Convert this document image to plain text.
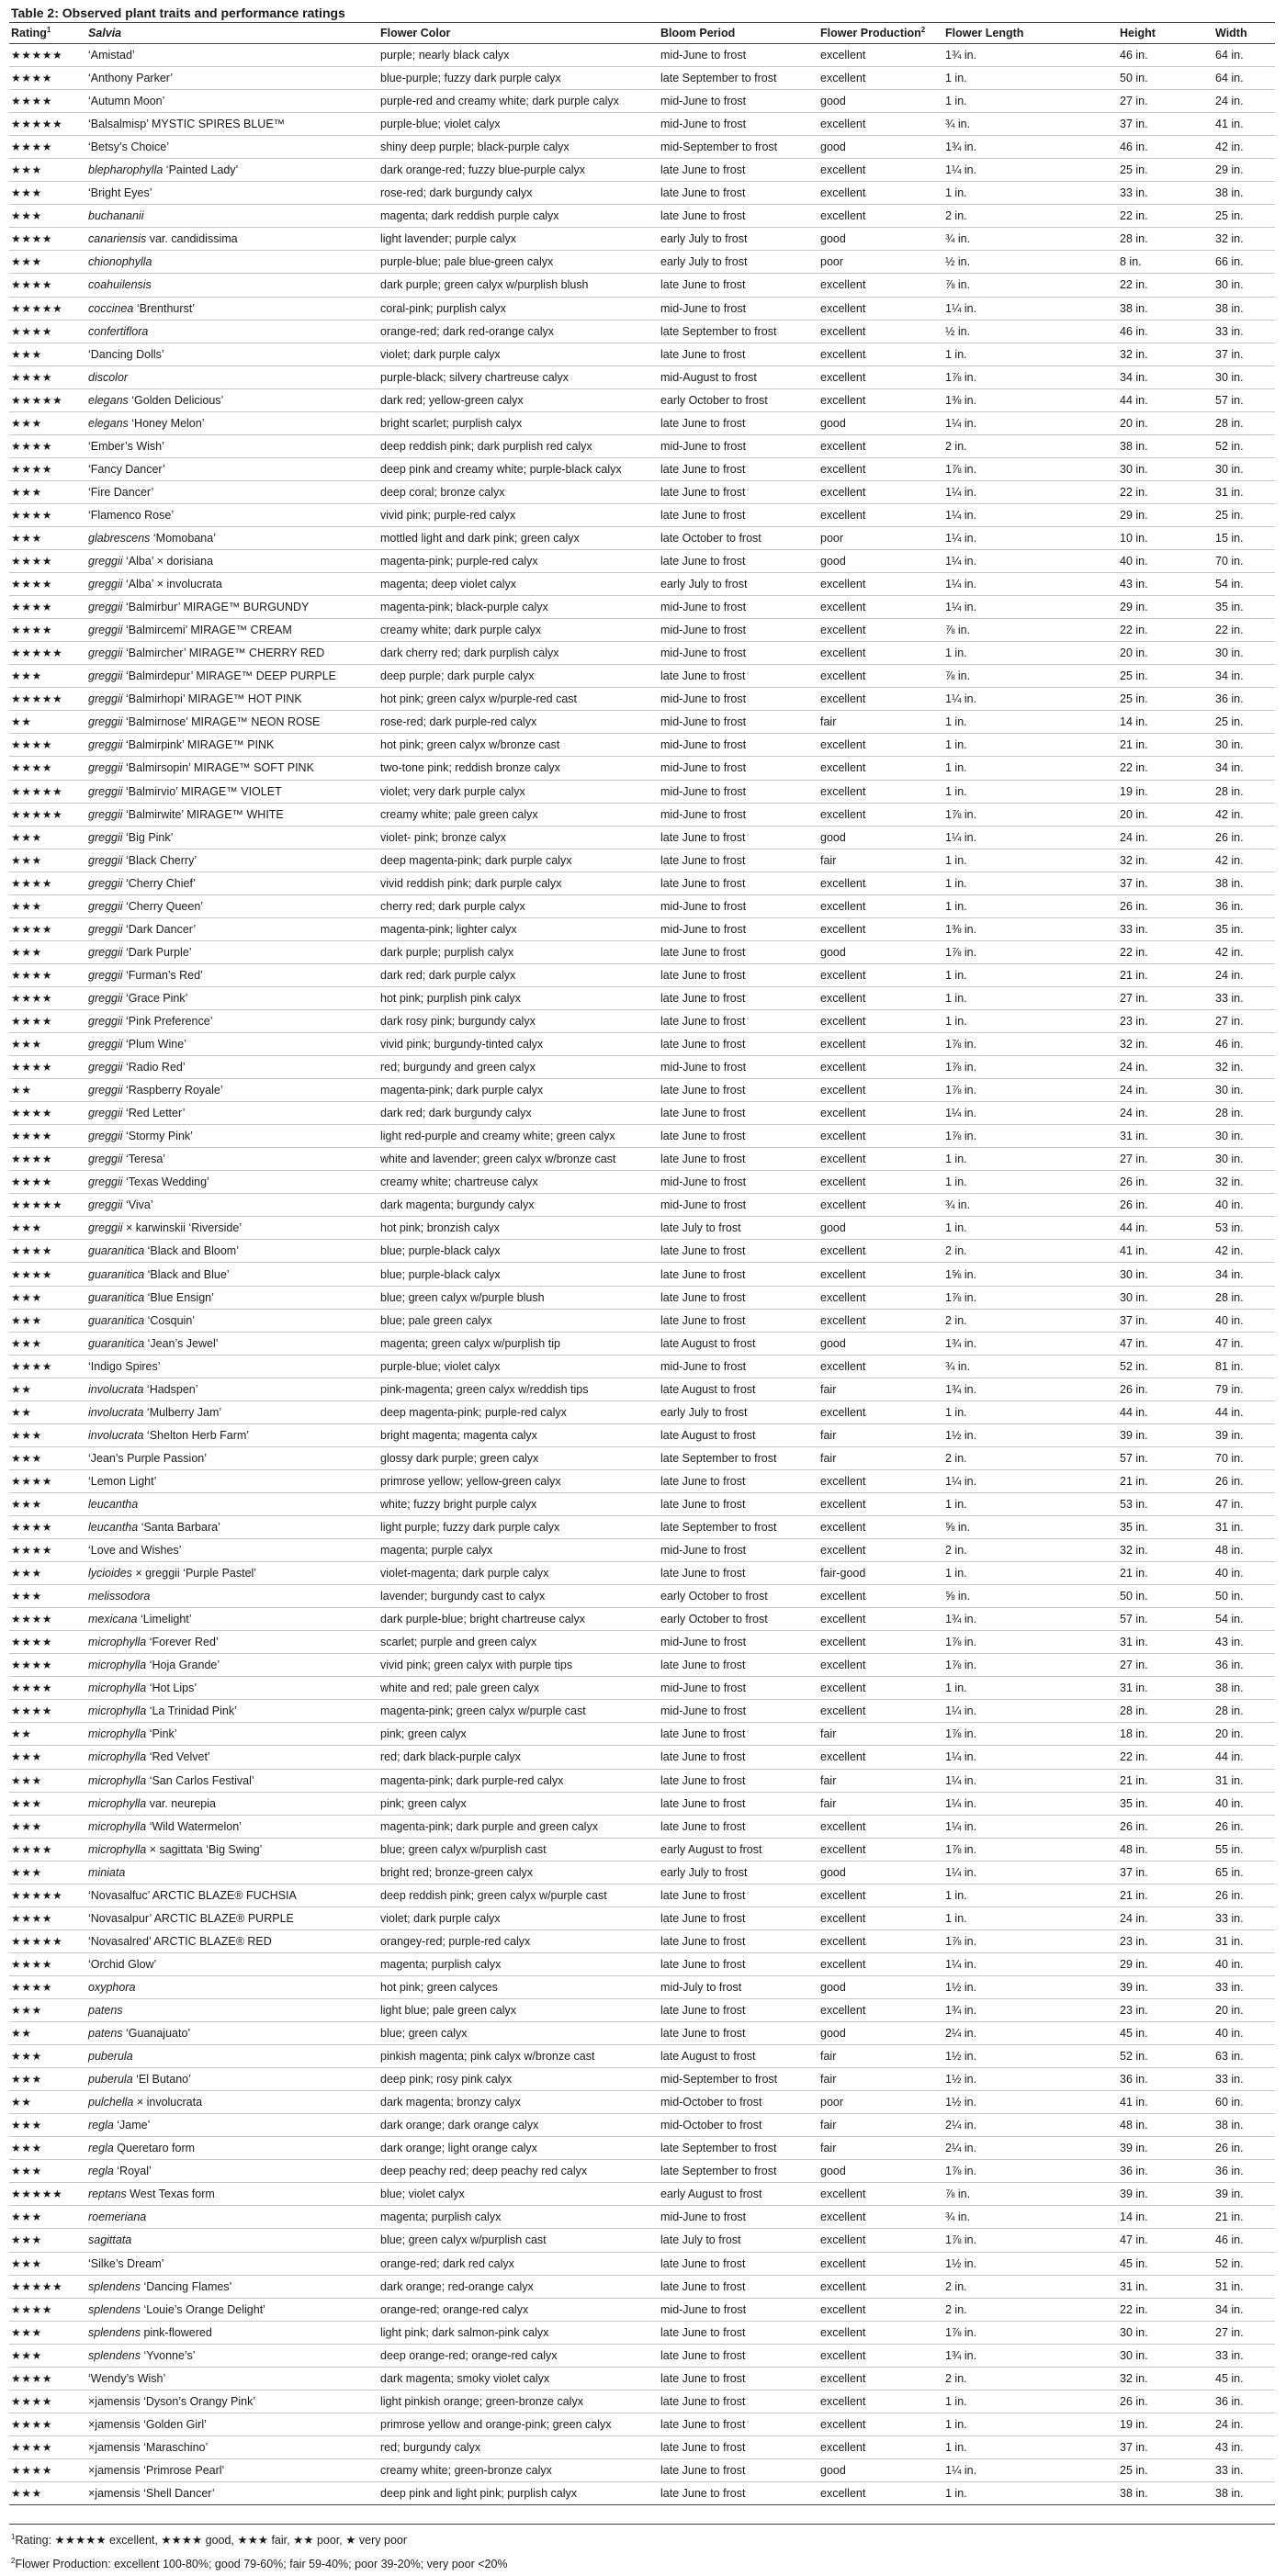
Table 2: Observed plant traits and performance ratings
Rating$^1$	Salvia	Flower Color	Bloom Period	Flower Production$^2$	Flower Length	Height	Width
★★★★★	‘Amistad’	purple; nearly black calyx	mid-June to frost	excellent	1¾ in.	46 in.	64 in.
★★★★	‘Anthony Parker’	blue-purple; fuzzy dark purple calyx	late September to frost	excellent	1 in.	50 in.	64 in.
★★★★	‘Autumn Moon’	purple-red and creamy white; dark purple calyx	mid-June to frost	good	1 in.	27 in.	24 in.
★★★★★	‘Balsalmisp’ MYSTIC SPIRES BLUE™	purple-blue; violet calyx	mid-June to frost	excellent	¾ in.	37 in.	41 in.
★★★★	‘Betsy’s Choice’	shiny deep purple; black-purple calyx	mid-September to frost	good	1¾ in.	46 in.	42 in.
★★★	blepharophylla ‘Painted Lady’	dark orange-red; fuzzy blue-purple calyx	late June to frost	excellent	1¼ in.	25 in.	29 in.
★★★	‘Bright Eyes’	rose-red; dark burgundy calyx	late June to frost	excellent	1 in.	33 in.	38 in.
★★★	buchananii	magenta; dark reddish purple calyx	late June to frost	excellent	2 in.	22 in.	25 in.
★★★★	canariensis var. candidissima	light lavender; purple calyx	early July to frost	good	¾ in.	28 in.	32 in.
★★★	chionophylla	purple-blue; pale blue-green calyx	early July to frost	poor	½ in.	8 in.	66 in.
★★★★	coahuilensis	dark purple; green calyx w/purplish blush	late June to frost	excellent	⅞ in.	22 in.	30 in.
★★★★★	coccinea ‘Brenthurst’	coral-pink; purplish calyx	mid-June to frost	excellent	1¼ in.	38 in.	38 in.
★★★★	confertiflora	orange-red; dark red-orange calyx	late September to frost	excellent	½ in.	46 in.	33 in.
★★★	‘Dancing Dolls’	violet; dark purple calyx	late June to frost	excellent	1 in.	32 in.	37 in.
★★★★	discolor	purple-black; silvery chartreuse calyx	mid-August to frost	excellent	1⅞ in.	34 in.	30 in.
★★★★★	elegans ‘Golden Delicious’	dark red; yellow-green calyx	early October to frost	excellent	1⅜ in.	44 in.	57 in.
★★★	elegans ‘Honey Melon’	bright scarlet; purplish calyx	late June to frost	good	1¼ in.	20 in.	28 in.
★★★★	‘Ember’s Wish’	deep reddish pink; dark purplish red calyx	mid-June to frost	excellent	2 in.	38 in.	52 in.
★★★★	‘Fancy Dancer’	deep pink and creamy white; purple-black calyx	late June to frost	excellent	1⅞ in.	30 in.	30 in.
★★★	‘Fire Dancer’	deep coral; bronze calyx	late June to frost	excellent	1¼ in.	22 in.	31 in.
★★★★	‘Flamenco Rose’	vivid pink; purple-red calyx	late June to frost	excellent	1¼ in.	29 in.	25 in.
★★★	glabrescens ‘Momobana’	mottled light and dark pink; green calyx	late October to frost	poor	1¼ in.	10 in.	15 in.
★★★★	greggii ‘Alba’ × dorisiana	magenta-pink; purple-red calyx	late June to frost	good	1¼ in.	40 in.	70 in.
★★★★	greggii ‘Alba’ × involucrata	magenta; deep violet calyx	early July to frost	excellent	1¼ in.	43 in.	54 in.
★★★★	greggii ‘Balmirbur’ MIRAGE™ BURGUNDY	magenta-pink; black-purple calyx	mid-June to frost	excellent	1¼ in.	29 in.	35 in.
★★★★	greggii ‘Balmircemi’ MIRAGE™ CREAM	creamy white; dark purple calyx	mid-June to frost	excellent	⅞ in.	22 in.	22 in.
★★★★★	greggii ‘Balmircher’ MIRAGE™ CHERRY RED	dark cherry red; dark purplish calyx	mid-June to frost	excellent	1 in.	20 in.	30 in.
★★★	greggii ‘Balmirdepur’ MIRAGE™ DEEP PURPLE	deep purple; dark purple calyx	late June to frost	excellent	⅞ in.	25 in.	34 in.
★★★★★	greggii ‘Balmirhopi’ MIRAGE™ HOT PINK	hot pink; green calyx w/purple-red cast	mid-June to frost	excellent	1¼ in.	25 in.	36 in.
★★	greggii ‘Balmirnose’ MIRAGE™ NEON ROSE	rose-red; dark purple-red calyx	mid-June to frost	fair	1 in.	14 in.	25 in.
★★★★	greggii ‘Balmirpink’ MIRAGE™ PINK	hot pink; green calyx w/bronze cast	mid-June to frost	excellent	1 in.	21 in.	30 in.
★★★★	greggii ‘Balmirsopin’ MIRAGE™ SOFT PINK	two-tone pink; reddish bronze calyx	mid-June to frost	excellent	1 in.	22 in.	34 in.
★★★★★	greggii ‘Balmirvio’ MIRAGE™ VIOLET	violet; very dark purple calyx	mid-June to frost	excellent	1 in.	19 in.	28 in.
★★★★★	greggii ‘Balmirwite’ MIRAGE™ WHITE	creamy white; pale green calyx	mid-June to frost	excellent	1⅞ in.	20 in.	42 in.
★★★	greggii ‘Big Pink’	violet- pink; bronze calyx	late June to frost	good	1¼ in.	24 in.	26 in.
★★★	greggii ‘Black Cherry’	deep magenta-pink; dark purple calyx	late June to frost	fair	1 in.	32 in.	42 in.
★★★★	greggii ‘Cherry Chief’	vivid reddish pink; dark purple calyx	late June to frost	excellent	1 in.	37 in.	38 in.
★★★	greggii ‘Cherry Queen’	cherry red; dark purple calyx	mid-June to frost	excellent	1 in.	26 in.	36 in.
★★★★	greggii ‘Dark Dancer’	magenta-pink; lighter calyx	mid-June to frost	excellent	1⅜ in.	33 in.	35 in.
★★★	greggii ‘Dark Purple’	dark purple; purplish calyx	late June to frost	good	1⅞ in.	22 in.	42 in.
★★★★	greggii ‘Furman’s Red’	dark red; dark purple calyx	late June to frost	excellent	1 in.	21 in.	24 in.
★★★★	greggii ‘Grace Pink’	hot pink; purplish pink calyx	late June to frost	excellent	1 in.	27 in.	33 in.
★★★★	greggii ‘Pink Preference’	dark rosy pink; burgundy calyx	late June to frost	excellent	1 in.	23 in.	27 in.
★★★	greggii ‘Plum Wine’	vivid pink; burgundy-tinted calyx	late June to frost	excellent	1⅞ in.	32 in.	46 in.
★★★★	greggii ‘Radio Red’	red; burgundy and green calyx	mid-June to frost	excellent	1⅞ in.	24 in.	32 in.
★★	greggii ‘Raspberry Royale’	magenta-pink; dark purple calyx	late June to frost	excellent	1⅞ in.	24 in.	30 in.
★★★★	greggii ‘Red Letter’	dark red; dark burgundy calyx	late June to frost	excellent	1¼ in.	24 in.	28 in.
★★★★	greggii ‘Stormy Pink’	light red-purple and creamy white; green calyx	late June to frost	excellent	1⅞ in.	31 in.	30 in.
★★★★	greggii ‘Teresa’	white and lavender; green calyx w/bronze cast	late June to frost	excellent	1 in.	27 in.	30 in.
★★★★	greggii ‘Texas Wedding’	creamy white; chartreuse calyx	mid-June to frost	excellent	1 in.	26 in.	32 in.
★★★★★	greggii ‘Viva’	dark magenta; burgundy calyx	mid-June to frost	excellent	¾ in.	26 in.	40 in.
★★★	greggii × karwinskii ‘Riverside’	hot pink; bronzish calyx	late July to frost	good	1 in.	44 in.	53 in.
★★★★	guaranitica ‘Black and Bloom’	blue; purple-black calyx	late June to frost	excellent	2 in.	41 in.	42 in.
★★★★	guaranitica ‘Black and Blue’	blue; purple-black calyx	late June to frost	excellent	1⅝ in.	30 in.	34 in.
★★★	guaranitica ‘Blue Ensign’	blue; green calyx w/purple blush	late June to frost	excellent	1⅞ in.	30 in.	28 in.
★★★	guaranitica ‘Cosquin’	blue; pale green calyx	late June to frost	excellent	2 in.	37 in.	40 in.
★★★	guaranitica ‘Jean’s Jewel’	magenta; green calyx w/purplish tip	late August to frost	good	1¾ in.	47 in.	47 in.
★★★★	‘Indigo Spires’	purple-blue; violet calyx	mid-June to frost	excellent	¾ in.	52 in.	81 in.
★★	involucrata ‘Hadspen’	pink-magenta; green calyx w/reddish tips	late August to frost	fair	1¾ in.	26 in.	79 in.
★★	involucrata ‘Mulberry Jam’	deep magenta-pink; purple-red calyx	early July to frost	excellent	1 in.	44 in.	44 in.
★★★	involucrata ‘Shelton Herb Farm’	bright magenta; magenta calyx	late August to frost	fair	1½ in.	39 in.	39 in.
★★★	‘Jean’s Purple Passion’	glossy dark purple; green calyx	late September to frost	fair	2 in.	57 in.	70 in.
★★★★	‘Lemon Light’	primrose yellow; yellow-green calyx	late June to frost	excellent	1¼ in.	21 in.	26 in.
★★★	leucantha	white; fuzzy bright purple calyx	late June to frost	excellent	1 in.	53 in.	47 in.
★★★★	leucantha ‘Santa Barbara’	light purple; fuzzy dark purple calyx	late September to frost	excellent	⅝ in.	35 in.	31 in.
★★★★	‘Love and Wishes’	magenta; purple calyx	mid-June to frost	excellent	2 in.	32 in.	48 in.
★★★	lycioides × greggii ‘Purple Pastel’	violet-magenta; dark purple calyx	late June to frost	fair-good	1 in.	21 in.	40 in.
★★★	melissodora	lavender; burgundy cast to calyx	early October to frost	excellent	⅝ in.	50 in.	50 in.
★★★★	mexicana ‘Limelight’	dark purple-blue; bright chartreuse calyx	early October to frost	excellent	1¾ in.	57 in.	54 in.
★★★★	microphylla ‘Forever Red’	scarlet; purple and green calyx	mid-June to frost	excellent	1⅞ in.	31 in.	43 in.
★★★★	microphylla ‘Hoja Grande’	vivid pink; green calyx with purple tips	late June to frost	excellent	1⅞ in.	27 in.	36 in.
★★★★	microphylla ‘Hot Lips’	white and red; pale green calyx	mid-June to frost	excellent	1 in.	31 in.	38 in.
★★★★	microphylla ‘La Trinidad Pink’	magenta-pink; green calyx w/purple cast	mid-June to frost	excellent	1¼ in.	28 in.	28 in.
★★	microphylla ‘Pink’	pink; green calyx	late June to frost	fair	1⅞ in.	18 in.	20 in.
★★★	microphylla ‘Red Velvet’	red; dark black-purple calyx	late June to frost	excellent	1¼ in.	22 in.	44 in.
★★★	microphylla ‘San Carlos Festival’	magenta-pink; dark purple-red calyx	late June to frost	fair	1¼ in.	21 in.	31 in.
★★★	microphylla var. neurepia	pink; green calyx	late June to frost	fair	1¼ in.	35 in.	40 in.
★★★	microphylla ‘Wild Watermelon’	magenta-pink; dark purple and green calyx	late June to frost	excellent	1¼ in.	26 in.	26 in.
★★★★	microphylla × sagittata ‘Big Swing’	blue; green calyx w/purplish cast	early August to frost	excellent	1⅞ in.	48 in.	55 in.
★★★	miniata	bright red; bronze-green calyx	early July to frost	good	1¼ in.	37 in.	65 in.
★★★★★	‘Novasalfuc’ ARCTIC BLAZE® FUCHSIA	deep reddish pink; green calyx w/purple cast	late June to frost	excellent	1 in.	21 in.	26 in.
★★★★	‘Novasalpur’ ARCTIC BLAZE® PURPLE	violet; dark purple calyx	late June to frost	excellent	1 in.	24 in.	33 in.
★★★★★	‘Novasalred’ ARCTIC BLAZE® RED	orangey-red; purple-red calyx	late June to frost	excellent	1⅞ in.	23 in.	31 in.
★★★★	‘Orchid Glow’	magenta; purplish calyx	late June to frost	excellent	1¼ in.	29 in.	40 in.
★★★★	oxyphora	hot pink; green calyces	mid-July to frost	good	1½ in.	39 in.	33 in.
★★★	patens	light blue; pale green calyx	late June to frost	excellent	1¾ in.	23 in.	20 in.
★★	patens ‘Guanajuato’	blue; green calyx	late June to frost	good	2¼ in.	45 in.	40 in.
★★★	puberula	pinkish magenta; pink calyx w/bronze cast	late August to frost	fair	1½ in.	52 in.	63 in.
★★★	puberula ‘El Butano’	deep pink; rosy pink calyx	mid-September to frost	fair	1½ in.	36 in.	33 in.
★★	pulchella × involucrata	dark magenta; bronzy calyx	mid-October to frost	poor	1½ in.	41 in.	60 in.
★★★	regla ‘Jame’	dark orange; dark orange calyx	mid-October to frost	fair	2¼ in.	48 in.	38 in.
★★★	regla Queretaro form	dark orange; light orange calyx	late September to frost	fair	2¼ in.	39 in.	26 in.
★★★	regla ‘Royal’	deep peachy red; deep peachy red calyx	late September to frost	good	1⅞ in.	36 in.	36 in.
★★★★★	reptans West Texas form	blue; violet calyx	early August to frost	excellent	⅞ in.	39 in.	39 in.
★★★	roemeriana	magenta; purplish calyx	mid-June to frost	excellent	¾ in.	14 in.	21 in.
★★★	sagittata	blue; green calyx w/purplish cast	late July to frost	excellent	1⅞ in.	47 in.	46 in.
★★★	‘Silke’s Dream’	orange-red; dark red calyx	late June to frost	excellent	1½ in.	45 in.	52 in.
★★★★★	splendens ‘Dancing Flames’	dark orange; red-orange calyx	late June to frost	excellent	2 in.	31 in.	31 in.
★★★★	splendens ‘Louie’s Orange Delight’	orange-red; orange-red calyx	mid-June to frost	excellent	2 in.	22 in.	34 in.
★★★	splendens pink-flowered	light pink; dark salmon-pink calyx	late June to frost	excellent	1⅞ in.	30 in.	27 in.
★★★	splendens ‘Yvonne’s’	deep orange-red; orange-red calyx	late June to frost	excellent	1¾ in.	30 in.	33 in.
★★★★	‘Wendy’s Wish’	dark magenta; smoky violet calyx	late June to frost	excellent	2 in.	32 in.	45 in.
★★★★	×jamensis ‘Dyson’s Orangy Pink’	light pinkish orange; green-bronze calyx	late June to frost	excellent	1 in.	26 in.	36 in.
★★★★	×jamensis ‘Golden Girl’	primrose yellow and orange-pink; green calyx	late June to frost	excellent	1 in.	19 in.	24 in.
★★★★	×jamensis ‘Maraschino’	red; burgundy calyx	late June to frost	excellent	1 in.	37 in.	43 in.
★★★★	×jamensis ‘Primrose Pearl’	creamy white; green-bronze calyx	late June to frost	good	1¼ in.	25 in.	33 in.
★★★	×jamensis ‘Shell Dancer’	deep pink and light pink; purplish calyx	late June to frost	excellent	1 in.	38 in.	38 in.
$^1$Rating: ★★★★★ excellent, ★★★★ good, ★★★ fair, ★★ poor, ★ very poor
$^2$Flower Production: excellent 100-80%; good 79-60%; fair 59-40%; poor 39-20%; very poor <20%
